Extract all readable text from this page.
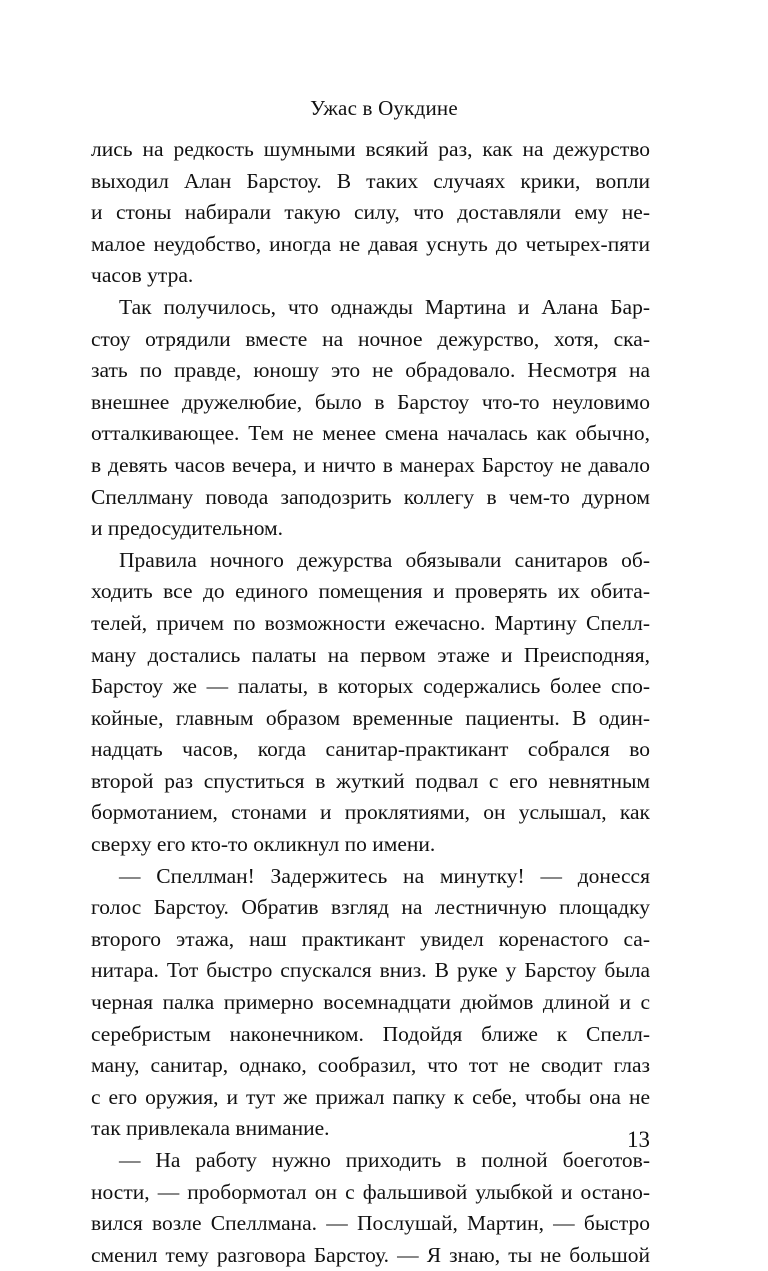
Ужас в Оукдине
лись на редкость шумными всякий раз, как на дежурство
выходил Алан Барстоу. В таких случаях крики, вопли
и стоны набирали такую силу, что доставляли ему не-
малое неудобство, иногда не давая уснуть до четырех-пяти
часов утра.
Так получилось, что однажды Мартина и Алана Бар-
стоу отрядили вместе на ночное дежурство, хотя, ска-
зать по правде, юношу это не обрадовало. Несмотря на
внешнее дружелюбие, было в Барстоу что-то неуловимо
отталкивающее. Тем не менее смена началась как обычно,
в девять часов вечера, и ничто в манерах Барстоу не давало
Спеллману повода заподозрить коллегу в чем-то дурном
и предосудительном.
Правила ночного дежурства обязывали санитаров об-
ходить все до единого помещения и проверять их обита-
телей, причем по возможности ежечасно. Мартину Спелл-
ману достались палаты на первом этаже и Преисподняя,
Барстоу же — палаты, в которых содержались более спо-
койные, главным образом временные пациенты. В один-
надцать часов, когда санитар-практикант собрался во
второй раз спуститься в жуткий подвал с его невнятным
бормотанием, стонами и проклятиями, он услышал, как
сверху его кто-то окликнул по имени.
— Спеллман! Задержитесь на минутку! — донесся
голос Барстоу. Обратив взгляд на лестничную площадку
второго этажа, наш практикант увидел коренастого са-
нитара. Тот быстро спускался вниз. В руке у Барстоу была
черная палка примерно восемнадцати дюймов длиной и с
серебристым наконечником. Подойдя ближе к Спелл-
ману, санитар, однако, сообразил, что тот не сводит глаз
с его оружия, и тут же прижал папку к себе, чтобы она не
так привлекала внимание.
— На работу нужно приходить в полной боеготов-
ности, — пробормотал он с фальшивой улыбкой и остано-
вился возле Спеллмана. — Послушай, Мартин, — быстро
сменил тему разговора Барстоу. — Я знаю, ты не большой
13
